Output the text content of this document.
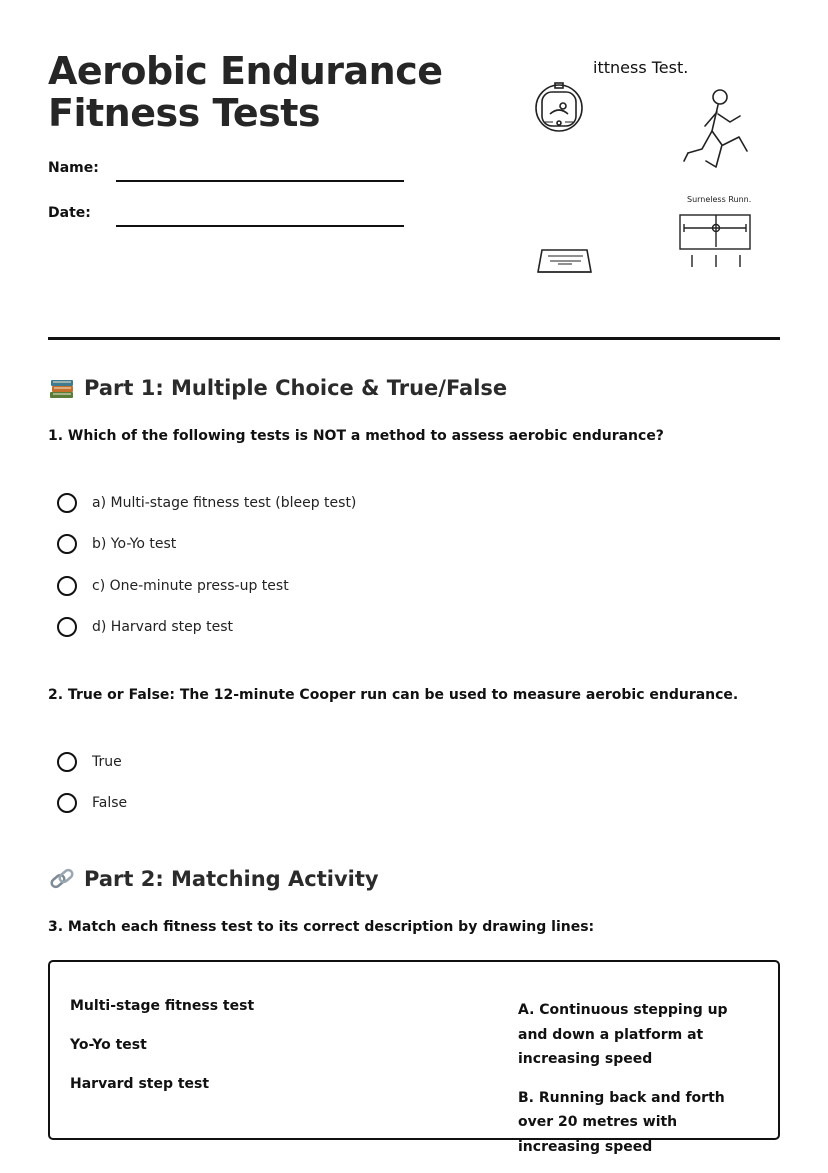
Aerobic Endurance
Fitness Tests
Name:
Date:
ittness Test.
Surneless Runn.
Part 1: Multiple Choice & True/False

1. Which of the following tests is NOT a method to assess aerobic endurance?

a) Multi-stage fitness test (bleep test)
b) Yo-Yo test
c) One-minute press-up test
d) Harvard step test

2. True or False: The 12-minute Cooper run can be used to measure aerobic endurance.

True
False
Part 2: Matching Activity

3. Match each fitness test to its correct description by drawing lines:

Multi-stage fitness test
Yo-Yo test
Harvard step test
A. Continuous stepping up and down a platform at increasing speed
B. Running back and forth over 20 metres with increasing speed
